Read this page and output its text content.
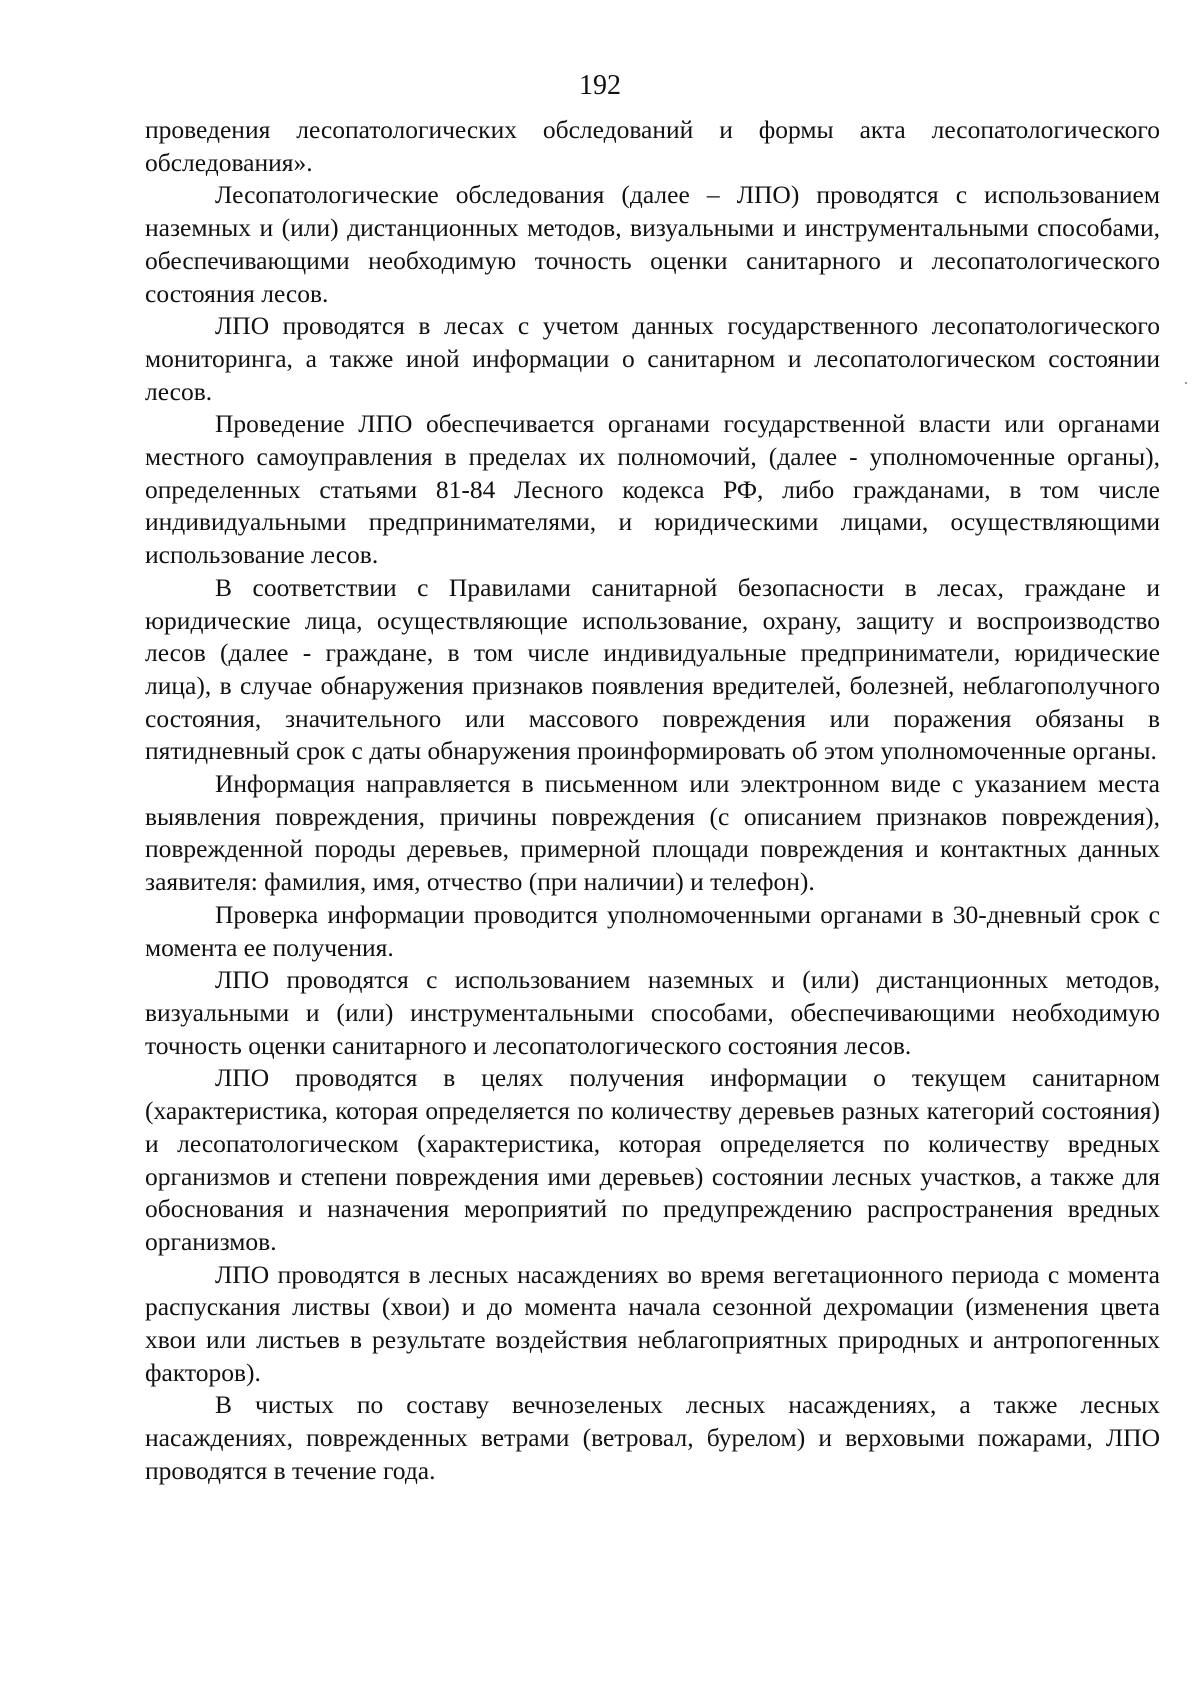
192

проведения лесопатологических обследований и формы акта лесопатологического обследования».

Лесопатологические обследования (далее – ЛПО) проводятся с использованием наземных и (или) дистанционных методов, визуальными и инструментальными способами, обеспечивающими необходимую точность оценки санитарного и лесопатологического состояния лесов.

ЛПО проводятся в лесах с учетом данных государственного лесопатологического мониторинга, а также иной информации о санитарном и лесопатологическом состоянии лесов.

Проведение ЛПО обеспечивается органами государственной власти или органами местного самоуправления в пределах их полномочий, (далее - уполномоченные органы), определенных статьями 81-84 Лесного кодекса РФ, либо гражданами, в том числе индивидуальными предпринимателями, и юридическими лицами, осуществляющими использование лесов.

В соответствии с Правилами санитарной безопасности в лесах, граждане и юридические лица, осуществляющие использование, охрану, защиту и воспроизводство лесов (далее - граждане, в том числе индивидуальные предприниматели, юридические лица), в случае обнаружения признаков появления вредителей, болезней, неблагополучного состояния, значительного или массового повреждения или поражения обязаны в пятидневный срок с даты обнаружения проинформировать об этом уполномоченные органы.

Информация направляется в письменном или электронном виде с указанием места выявления повреждения, причины повреждения (с описанием признаков повреждения), поврежденной породы деревьев, примерной площади повреждения и контактных данных заявителя: фамилия, имя, отчество (при наличии) и телефон).

Проверка информации проводится уполномоченными органами в 30-дневный срок с момента ее получения.

ЛПО проводятся с использованием наземных и (или) дистанционных методов, визуальными и (или) инструментальными способами, обеспечивающими необходимую точность оценки санитарного и лесопатологического состояния лесов.

ЛПО проводятся в целях получения информации о текущем санитарном (характеристика, которая определяется по количеству деревьев разных категорий состояния) и лесопатологическом (характеристика, которая определяется по количеству вредных организмов и степени повреждения ими деревьев) состоянии лесных участков, а также для обоснования и назначения мероприятий по предупреждению распространения вредных организмов.

ЛПО проводятся в лесных насаждениях во время вегетационного периода с момента распускания листвы (хвои) и до момента начала сезонной дехромации (изменения цвета хвои или листьев в результате воздействия неблагоприятных природных и антропогенных факторов).

В чистых по составу вечнозеленых лесных насаждениях, а также лесных насаждениях, поврежденных ветрами (ветровал, бурелом) и верховыми пожарами, ЛПО проводятся в течение года.
